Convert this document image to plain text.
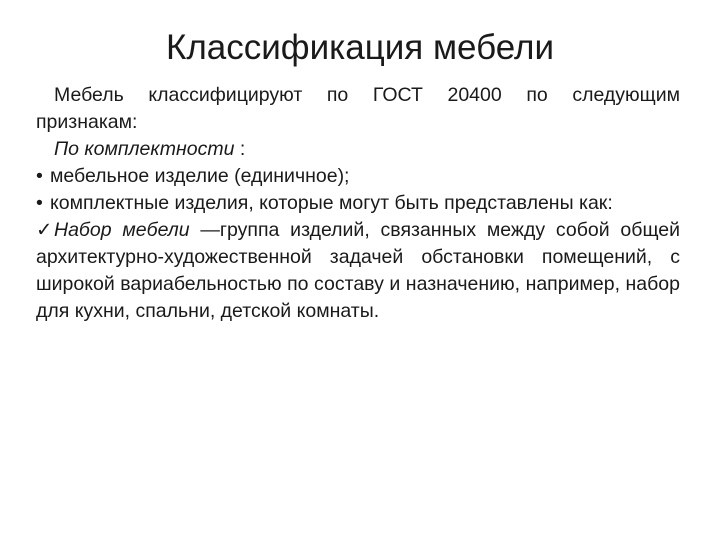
Классификация мебели
Мебель классифицируют по ГОСТ 20400 по следующим
признакам:
По комплектности :
• мебельное изделие (единичное);
• комплектные изделия, которые могут быть представлены как:
✓Набор мебели —группа изделий, связанных между собой общей архитектурно-художественной задачей обстановки помещений, с широкой вариабельностью по составу и назначению, например, набор для кухни, спальни, детской комнаты.
